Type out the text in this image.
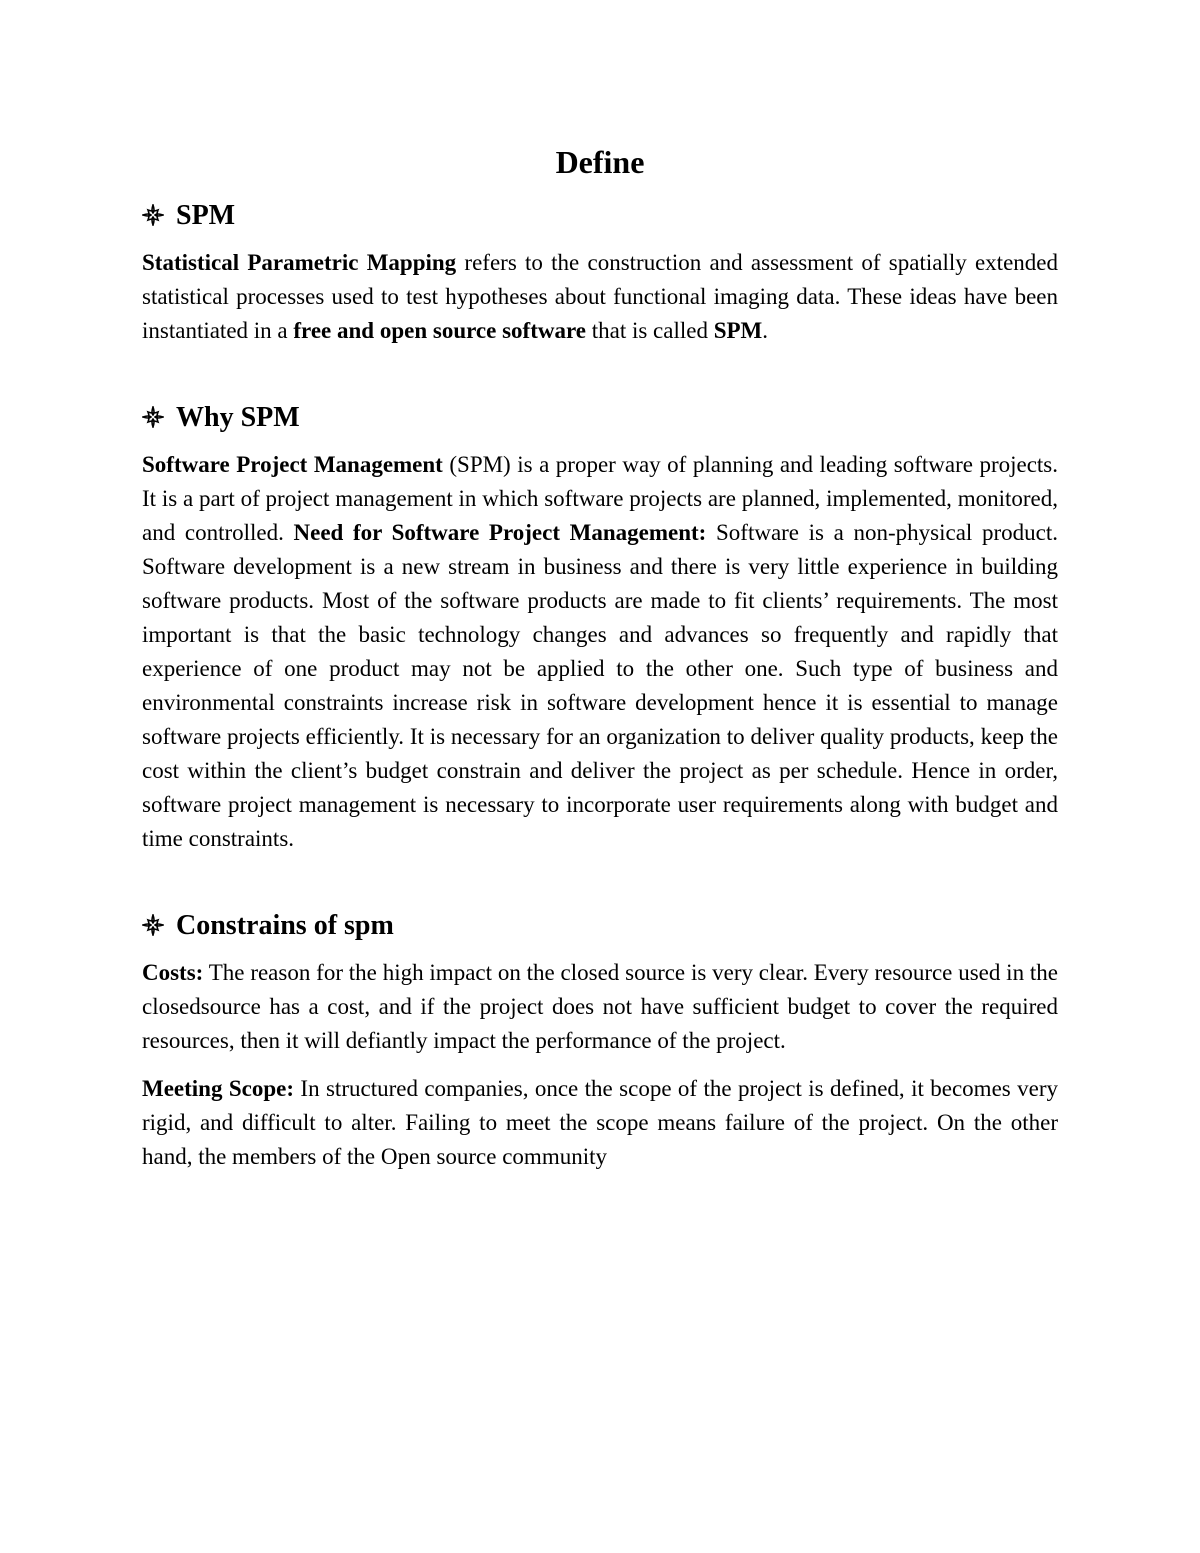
Define
SPM

Statistical Parametric Mapping refers to the construction and assessment of spatially extended statistical processes used to test hypotheses about functional imaging data. These ideas have been instantiated in a free and open source software that is called SPM.

Why SPM

Software Project Management (SPM) is a proper way of planning and leading software projects. It is a part of project management in which software projects are planned, implemented, monitored, and controlled. Need for Software Project Management: Software is a non-physical product. Software development is a new stream in business and there is very little experience in building software products. Most of the software products are made to fit clients’ requirements. The most important is that the basic technology changes and advances so frequently and rapidly that experience of one product may not be applied to the other one. Such type of business and environmental constraints increase risk in software development hence it is essential to manage software projects efficiently. It is necessary for an organization to deliver quality products, keep the cost within the client’s budget constrain and deliver the project as per schedule. Hence in order, software project management is necessary to incorporate user requirements along with budget and time constraints.

Constrains of spm

Costs: The reason for the high impact on the closed source is very clear. Every resource used in the closedsource has a cost, and if the project does not have sufficient budget to cover the required resources, then it will defiantly impact the performance of the project.

Meeting Scope: In structured companies, once the scope of the project is defined, it becomes very rigid, and difficult to alter. Failing to meet the scope means failure of the project. On the other hand, the members of the Open source community
